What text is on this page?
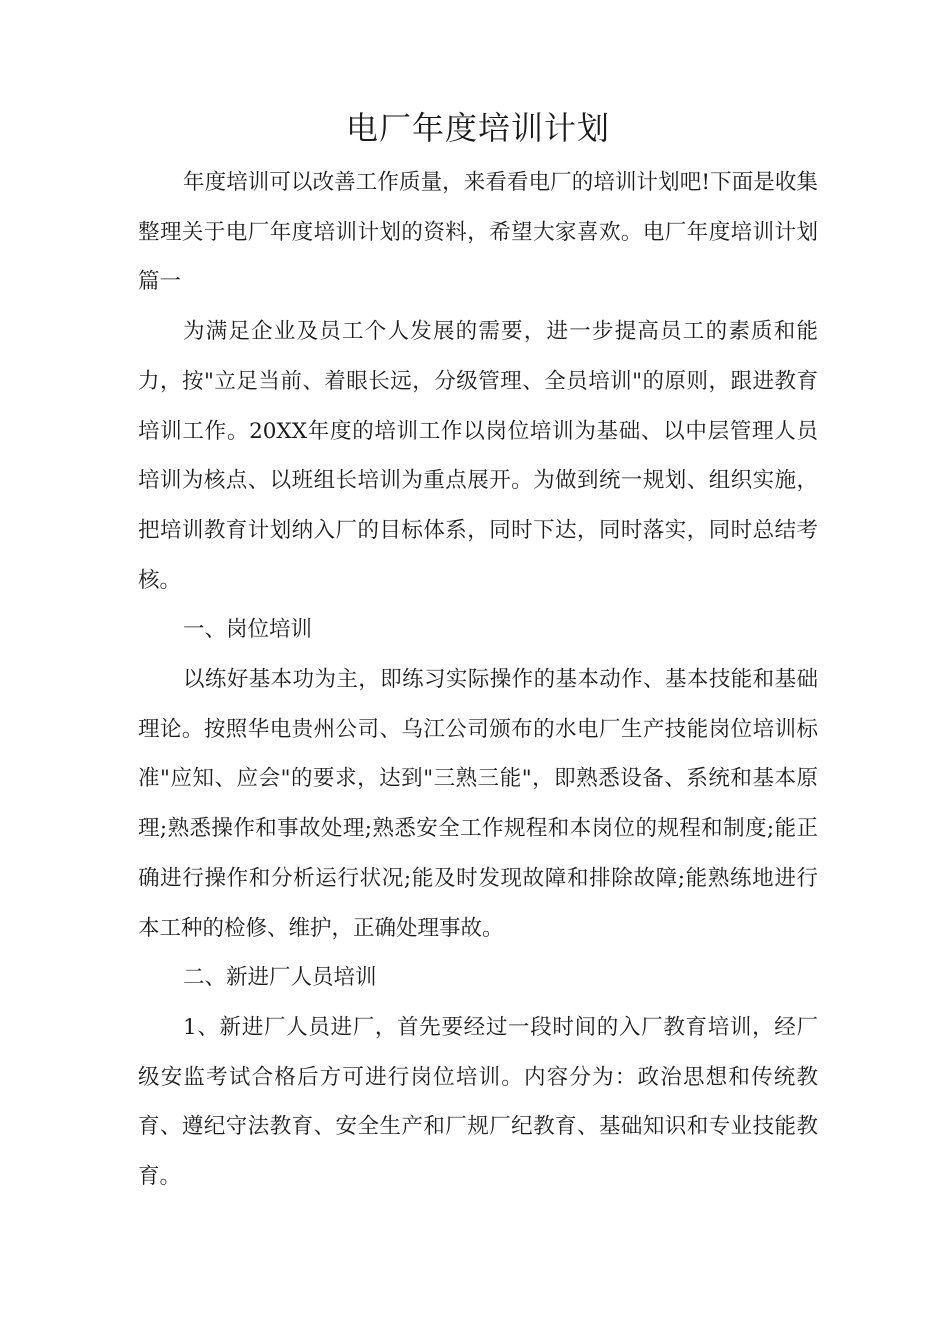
电厂年度培训计划

年度培训可以改善工作质量，来看看电厂的培训计划吧!下面是收集整理关于电厂年度培训计划的资料，希望大家喜欢。电厂年度培训计划篇一

为满足企业及员工个人发展的需要，进一步提高员工的素质和能力，按"立足当前、着眼长远，分级管理、全员培训"的原则，跟进教育培训工作。20XX年度的培训工作以岗位培训为基础、以中层管理人员培训为核点、以班组长培训为重点展开。为做到统一规划、组织实施，把培训教育计划纳入厂的目标体系，同时下达，同时落实，同时总结考核。

一、岗位培训

以练好基本功为主，即练习实际操作的基本动作、基本技能和基础理论。按照华电贵州公司、乌江公司颁布的水电厂生产技能岗位培训标准"应知、应会"的要求，达到"三熟三能"，即熟悉设备、系统和基本原理;熟悉操作和事故处理;熟悉安全工作规程和本岗位的规程和制度;能正确进行操作和分析运行状况;能及时发现故障和排除故障;能熟练地进行本工种的检修、维护，正确处理事故。

二、新进厂人员培训

1、新进厂人员进厂，首先要经过一段时间的入厂教育培训，经厂级安监考试合格后方可进行岗位培训。内容分为：政治思想和传统教育、遵纪守法教育、安全生产和厂规厂纪教育、基础知识和专业技能教育。
